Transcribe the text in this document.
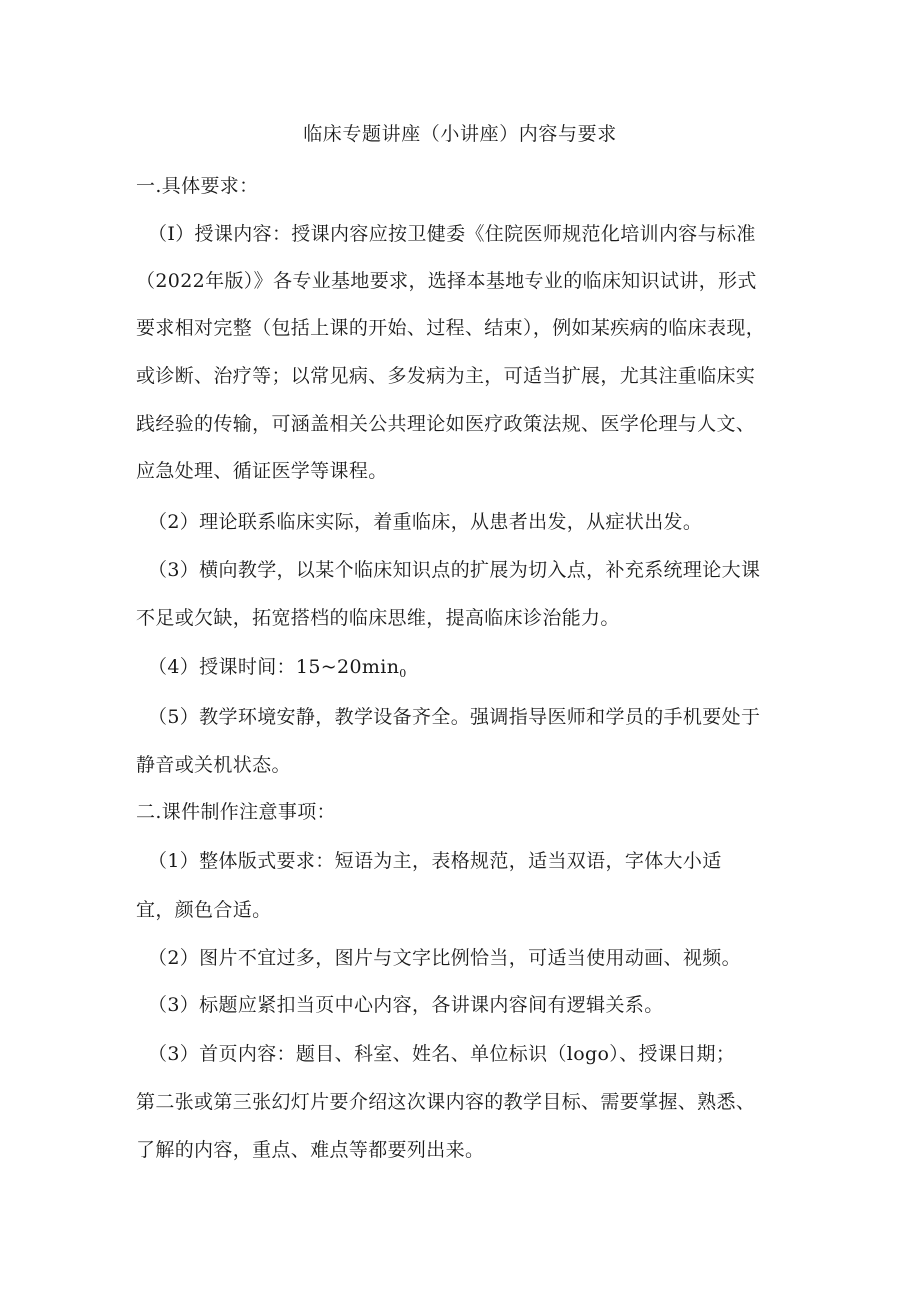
临床专题讲座（小讲座）内容与要求
一.具体要求：
（I）授课内容：授课内容应按卫健委《住院医师规范化培训内容与标准
（2022年版）》各专业基地要求，选择本基地专业的临床知识试讲，形式
要求相对完整（包括上课的开始、过程、结束），例如某疾病的临床表现，
或诊断、治疗等；以常见病、多发病为主，可适当扩展，尤其注重临床实
践经验的传输，可涵盖相关公共理论如医疗政策法规、医学伦理与人文、
应急处理、循证医学等课程。
（2）理论联系临床实际，着重临床，从患者出发，从症状出发。
（3）横向教学，以某个临床知识点的扩展为切入点，补充系统理论大课
不足或欠缺，拓宽搭档的临床思维，提高临床诊治能力。
（4）授课时间：$15\sim 20\min_0$
（5）教学环境安静，教学设备齐全。强调指导医师和学员的手机要处于
静音或关机状态。
二.课件制作注意事项：
（1）整体版式要求：短语为主，表格规范，适当双语，字体大小适
宜，颜色合适。
（2）图片不宜过多，图片与文字比例恰当，可适当使用动画、视频。
（3）标题应紧扣当页中心内容，各讲课内容间有逻辑关系。
（3）首页内容：题目、科室、姓名、单位标识（logo）、授课日期；
第二张或第三张幻灯片要介绍这次课内容的教学目标、需要掌握、熟悉、
了解的内容，重点、难点等都要列出来。
